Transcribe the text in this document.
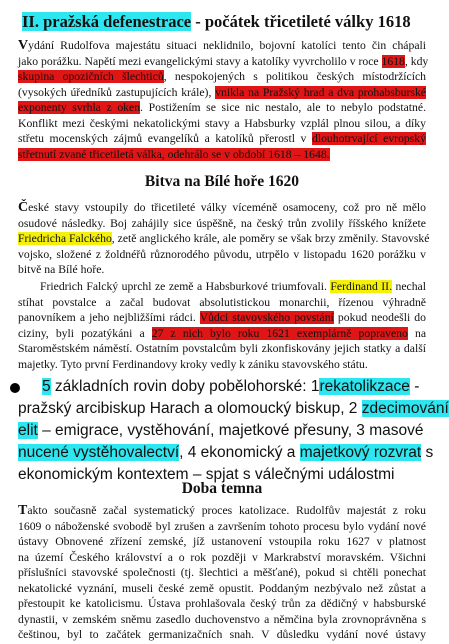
II. pražská defenestrace - počátek třicetileté války 1618
Vydání Rudolfova majestátu situaci neklidnilo, bojovní katolíci tento čin chápali
jako porážku. Napětí mezi evangelickými stavy a katolíky vyvrcholilo v roce 1618, kdy
skupina opozičních šlechticů, nespokojených s politikou českých místodržících
(vysokých úředníků zastupujících krále), vnikla na Pražský hrad a dva prohabsburské
exponenty svrhla z oken. Postižením se sice nic nestalo, ale to nebylo podstatné.
Konflikt mezi českými nekatolickými stavy a Habsburky vzplál plnou silou, a díky
střetu mocenských zájmů evangelíků a katolíků přerostl v dlouhotrvající evropský
střetnutí zvané třicetiletá válka, odehrálo se v období 1618 – 1648.
Bitva na Bílé hoře 1620
České stavy vstoupily do třicetileté války víceméně osamoceny, což pro ně mělo
osudové následky. Boj zahájily sice úspěšně, na český trůn zvolily říšského knížete
Friedricha Falckého, zetě anglického krále, ale poměry se však brzy změnily. Stavovské
vojsko, složené z žoldnéřů různorodého původu, utrpělo v listopadu 1620 porážku v
bitvě na Bílé hoře.
Friedrich Falcký uprchl ze země a Habsburkové triumfovali. Ferdinand II. nechal
stíhat povstalce a začal budovat absolutistickou monarchii, řízenou výhradně
panovníkem a jeho nejbližšími rádci. Vůdci stavovského povstání pokud neodešli do
ciziny, byli pozatýkáni a 27 z nich bylo roku 1621 exemplárně popraveno na
Staroměstském náměstí. Ostatním povstalcům byli zkonfiskovány jejich statky a další
majetky. Tyto první Ferdinandovy kroky vedly k zániku stavovského státu.
5 základních rovin doby pobělohorské: 1rekatolikzace -
pražský arcibiskup Harach a olomoucký biskup, 2 zdecimování
elit – emigrace, vystěhování, majetkové přesuny, 3 masové
nucené vystěhovalectví, 4 ekonomický a majetkový rozvrat s
ekonomickým kontextem – spjat s válečnými událostmi
Doba temna
Takto současně začal systematický proces katolizace. Rudolfův majestát z roku
1609 o náboženské svobodě byl zrušen a završením tohoto procesu bylo vydání nové
ústavy Obnovené zřízení zemské, jíž ustanovení vstoupila roku 1627 v platnost
na území Českého království a o rok později v Markrabství moravském. Všichni
příslušníci stavovské společnosti (tj. šlechtici a měšťané), pokud si chtěli ponechat
nekatolické vyznání, museli české země opustit. Poddaným nezbývalo než zůstat a
přestoupit ke katolicismu. Ústava prohlašovala český trůn za dědičný v habsburské
dynastii, v zemském sněmu zasedlo duchovenstvo a němčina byla zrovnoprávněna s
češtinou, byl to začátek germanizačních snah. V důsledku vydání nové ústavy
